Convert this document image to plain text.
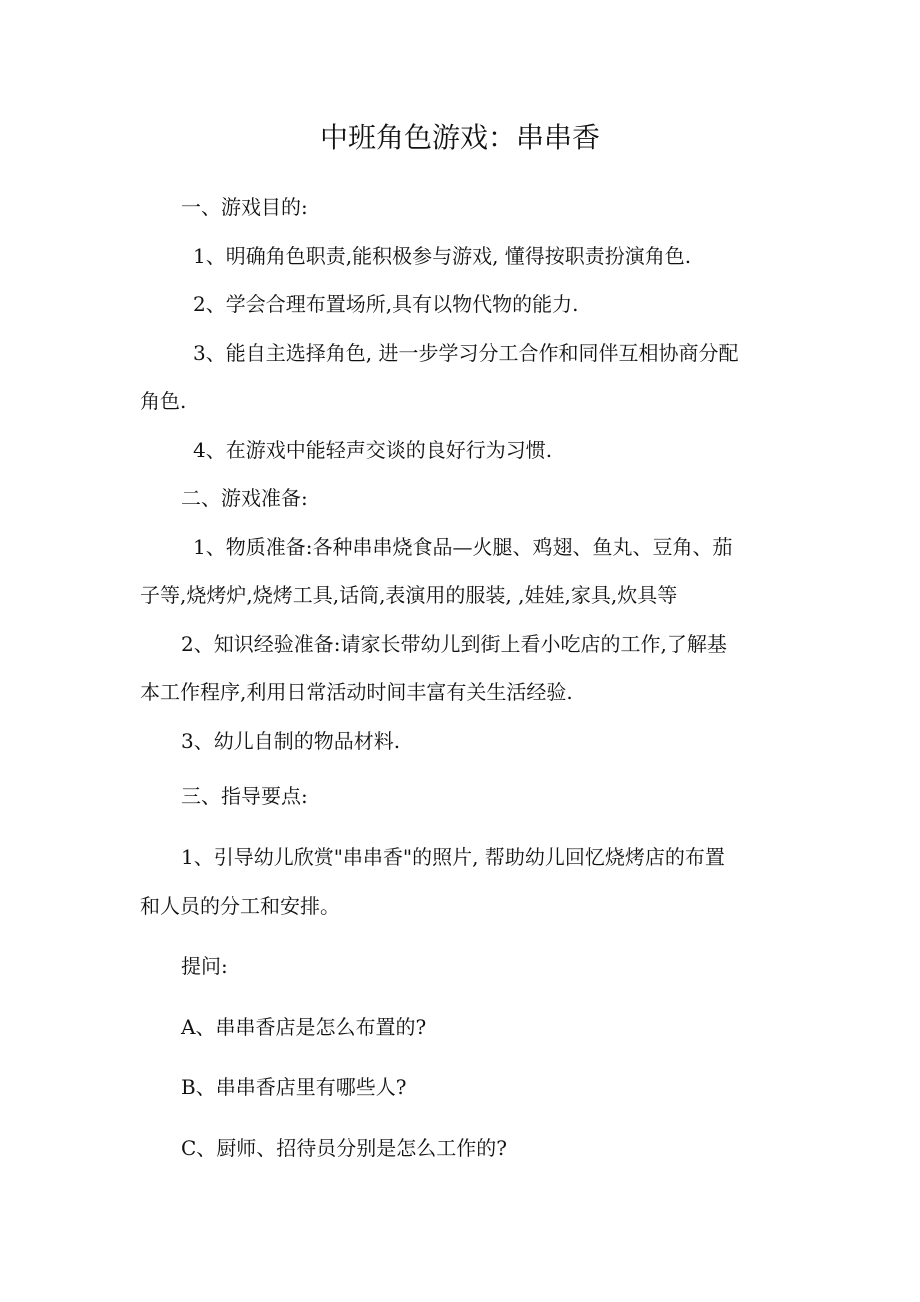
中班角色游戏：串串香

一、游戏目的:

1、明确角色职责,能积极参与游戏, 懂得按职责扮演角色.

2、学会合理布置场所,具有以物代物的能力.

3、能自主选择角色, 进一步学习分工合作和同伴互相协商分配

角色.

4、在游戏中能轻声交谈的良好行为习惯.

二、游戏准备:

1、物质准备:各种串串烧食品—火腿、鸡翅、鱼丸、豆角、茄

子等,烧烤炉,烧烤工具,话筒,表演用的服装, ,娃娃,家具,炊具等

2、知识经验准备:请家长带幼儿到街上看小吃店的工作,了解基

本工作程序,利用日常活动时间丰富有关生活经验.

3、幼儿自制的物品材料.

三、指导要点:

1、引导幼儿欣赏"串串香"的照片, 帮助幼儿回忆烧烤店的布置

和人员的分工和安排。

提问:

A、串串香店是怎么布置的?

B、串串香店里有哪些人?

C、厨师、招待员分别是怎么工作的?
